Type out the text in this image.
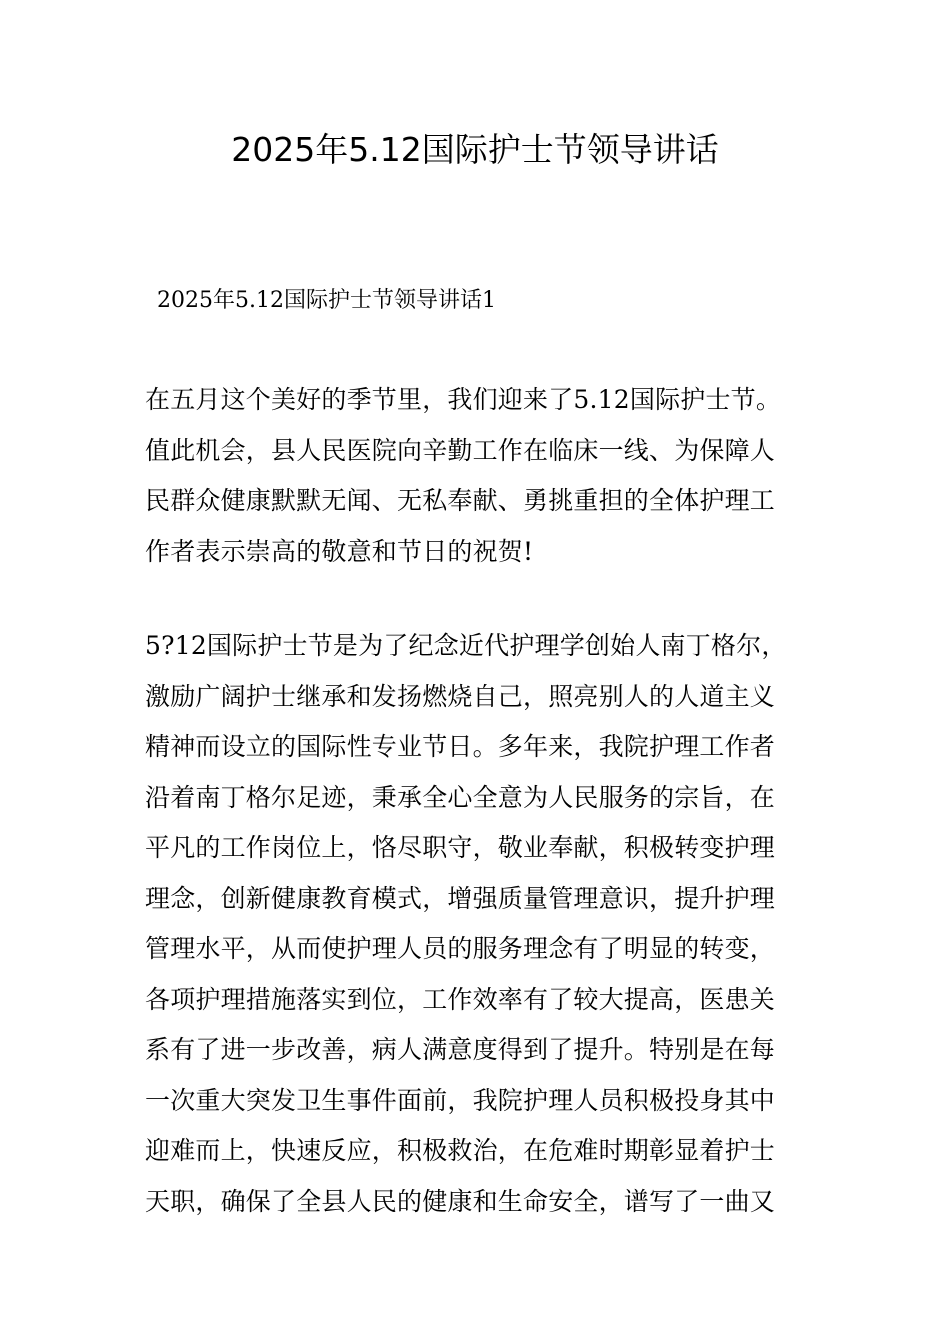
2025年5.12国际护士节领导讲话
2025年5.12国际护士节领导讲话1

在五月这个美好的季节里，我们迎来了5.12国际护士节。
值此机会，县人民医院向辛勤工作在临床一线、为保障人
民群众健康默默无闻、无私奉献、勇挑重担的全体护理工
作者表示崇高的敬意和节日的祝贺!

5?12国际护士节是为了纪念近代护理学创始人南丁格尔，
激励广阔护士继承和发扬燃烧自己，照亮别人的人道主义
精神而设立的国际性专业节日。多年来，我院护理工作者
沿着南丁格尔足迹，秉承全心全意为人民服务的宗旨，在
平凡的工作岗位上，恪尽职守，敬业奉献，积极转变护理
理念，创新健康教育模式，增强质量管理意识，提升护理
管理水平，从而使护理人员的服务理念有了明显的转变，
各项护理措施落实到位，工作效率有了较大提高，医患关
系有了进一步改善，病人满意度得到了提升。特别是在每
一次重大突发卫生事件面前，我院护理人员积极投身其中
迎难而上，快速反应，积极救治，在危难时期彰显着护士
天职，确保了全县人民的健康和生命安全，谱写了一曲又
